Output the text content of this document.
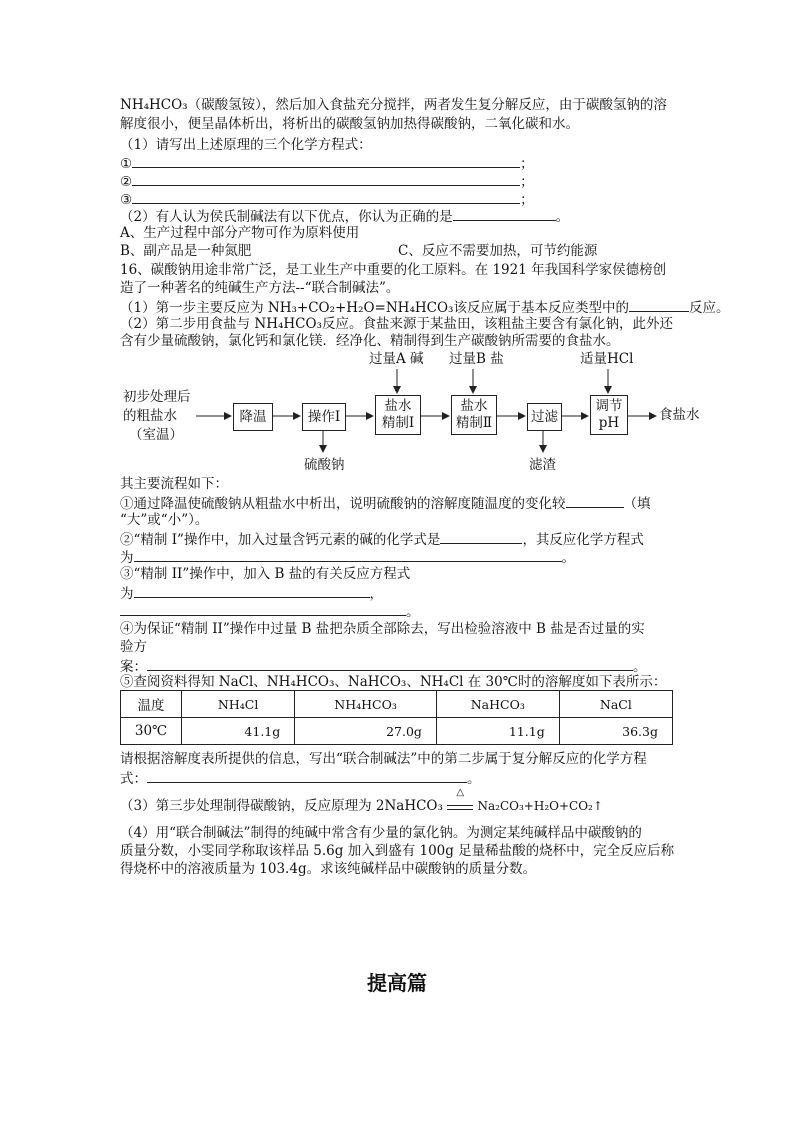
NH₄HCO₃（碳酸氢铵），然后加入食盐充分搅拌，两者发生复分解反应，由于碳酸氢钠的溶
解度很小，便呈晶体析出，将析出的碳酸氢钠加热得碳酸钠，二氧化碳和水。
（1）请写出上述原理的三个化学方程式：
①	；
②	；
③	；
（2）有人认为侯氏制碱法有以下优点，你认为正确的是	。
A、生产过程中部分产物可作为原料使用
B、副产品是一种氮肥	C、反应不需要加热，可节约能源
16、碳酸钠用途非常广泛，是工业生产中重要的化工原料。在 1921 年我国科学家侯德榜创
造了一种著名的纯碱生产方法--“联合制碱法”。
（1）第一步主要反应为 NH₃+CO₂+H₂O=NH₄HCO₃该反应属于基本反应类型中的	反应。
（2）第二步用食盐与 NH₄HCO₃反应。食盐来源于某盐田，该粗盐主要含有氯化钠，此外还
含有少量硫酸钠，氯化钙和氯化镁．经净化、精制得到生产碳酸钠所需要的食盐水。
初步处理后
的粗盐水
（室温）
过量A 碱 过量B 盐	适量HCl
降温	操作Ⅰ
盐水
精制Ⅰ
盐水
精制Ⅱ	过滤
调节
pH	食盐水
硫酸钠	滤渣
其主要流程如下：
①通过降温使硫酸钠从粗盐水中析出，说明硫酸钠的溶解度随温度的变化较	（填
“大”或“小”）。
②“精制 I”操作中，加入过量含钙元素的碱的化学式是	，其反应化学方程式
为	。
③“精制 II”操作中，加入 B 盐的有关反应方程式
为	，
。
④为保证“精制 II”操作中过量 B 盐把杂质全部除去，写出检验溶液中 B 盐是否过量的实
验方
案：	。
⑤查阅资料得知 NaCl、NH₄HCO₃、NaHCO₃、NH₄Cl 在 30℃时的溶解度如下表所示：
温度	NH₄Cl	NH₄HCO₃	NaHCO₃	NaCl
30℃	41.1g	27.0g	11.1g	36.3g
请根据溶解度表所提供的信息，写出“联合制碱法”中的第二步属于复分解反应的化学方程
式：	。
（3）第三步处理制得碳酸钠，反应原理为 2NaHCO₃
△
Na₂CO₃+H₂O+CO₂↑
（4）用“联合制碱法”制得的纯碱中常含有少量的氯化钠。为测定某纯碱样品中碳酸钠的
质量分数，小雯同学称取该样品 5.6g 加入到盛有 100g 足量稀盐酸的烧杯中，完全反应后称
得烧杯中的溶液质量为 103.4g。求该纯碱样品中碳酸钠的质量分数。
提高篇
